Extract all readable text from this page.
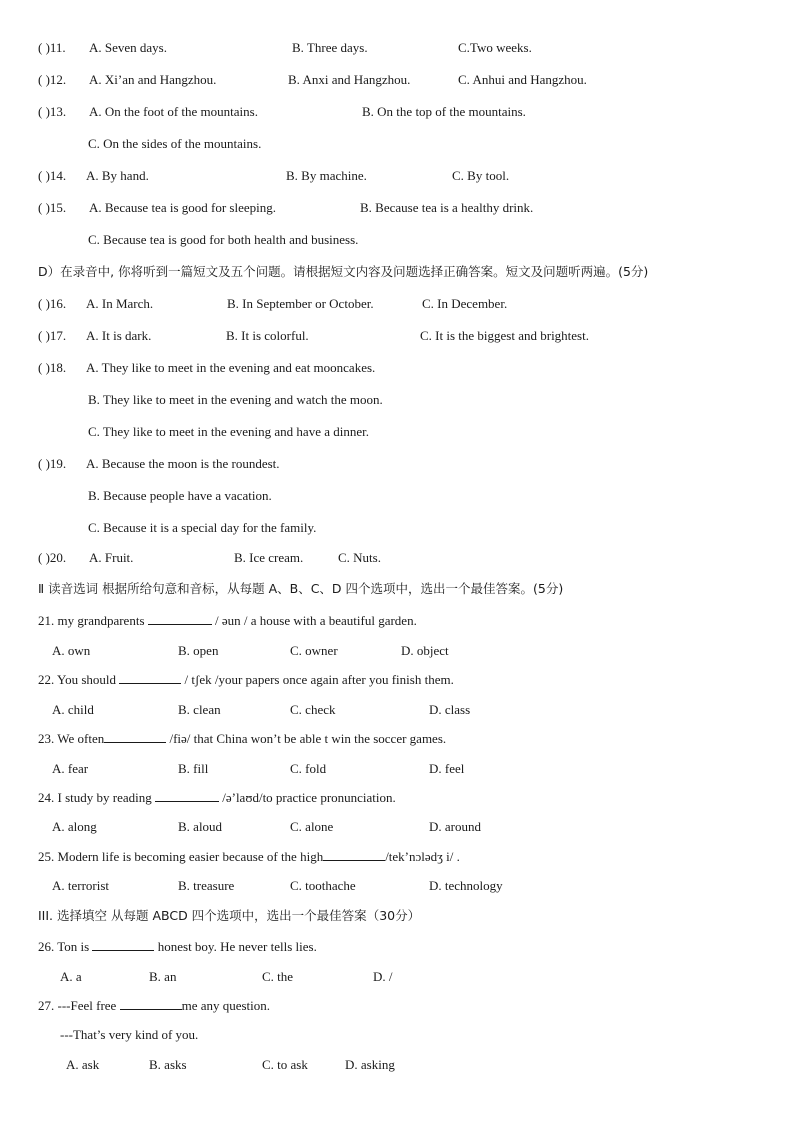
( )11. A. Seven days.	B. Three days.	C.Two weeks.
( )12. A. Xi’an and Hangzhou.	B. Anxi and Hangzhou.	C. Anhui and Hangzhou.
( )13. A. On the foot of the mountains.	B. On the top of the mountains.
C. On the sides of the mountains.
( )14. A. By hand.	B. By machine.	C. By tool.
( )15. A. Because tea is good for sleeping.	B. Because tea is a healthy drink.
C. Because tea is good for both health and business.
D）在录音中, 你将听到一篇短文及五个问题。请根据短文内容及问题选择正确答案。短文及问题听两遍。(5分)
( )16. A. In March.	B. In September or October.	C. In December.
( )17. A. It is dark.	B. It is colorful.	C. It is the biggest and brightest.
( )18. A. They like to meet in the evening and eat mooncakes.
B. They like to meet in the evening and watch the moon.
C. They like to meet in the evening and have a dinner.
( )19. A. Because the moon is the roundest.
B. Because people have a vacation.
C. Because it is a special day for the family.
( )20. A. Fruit.	B. Ice cream.	C. Nuts.
Ⅱ 读音选词 根据所给句意和音标，从每题 A、B、C、D 四个选项中，选出一个最佳答案。(5分)
21. my grandparents	/ əun / a house with a beautiful garden.
A. own	B. open	C. owner	D. object
22. You should	/ tʃek /your papers once again after you finish them.
A. child	B. clean	C. check	D. class
23. We often	/fiə/ that China won’t be able t win the soccer games.
A. fear	B. fill	C. fold	D. feel
24. I study by reading	/ə’laʊd/to practice pronunciation.
A. along	B. aloud	C. alone	D. around
25. Modern life is becoming easier because of the high	/tek’nɔlədʒ i/ .
A. terrorist	B. treasure	C. toothache	D. technology
III. 选择填空 从每题 ABCD 四个选项中，选出一个最佳答案（30分）
26. Ton is	honest boy. He never tells lies.
A. a	B. an	C. the	D. /
27. ---Feel free	me any question.
---That’s very kind of you.
A. ask	B. asks	C. to ask	D. asking
